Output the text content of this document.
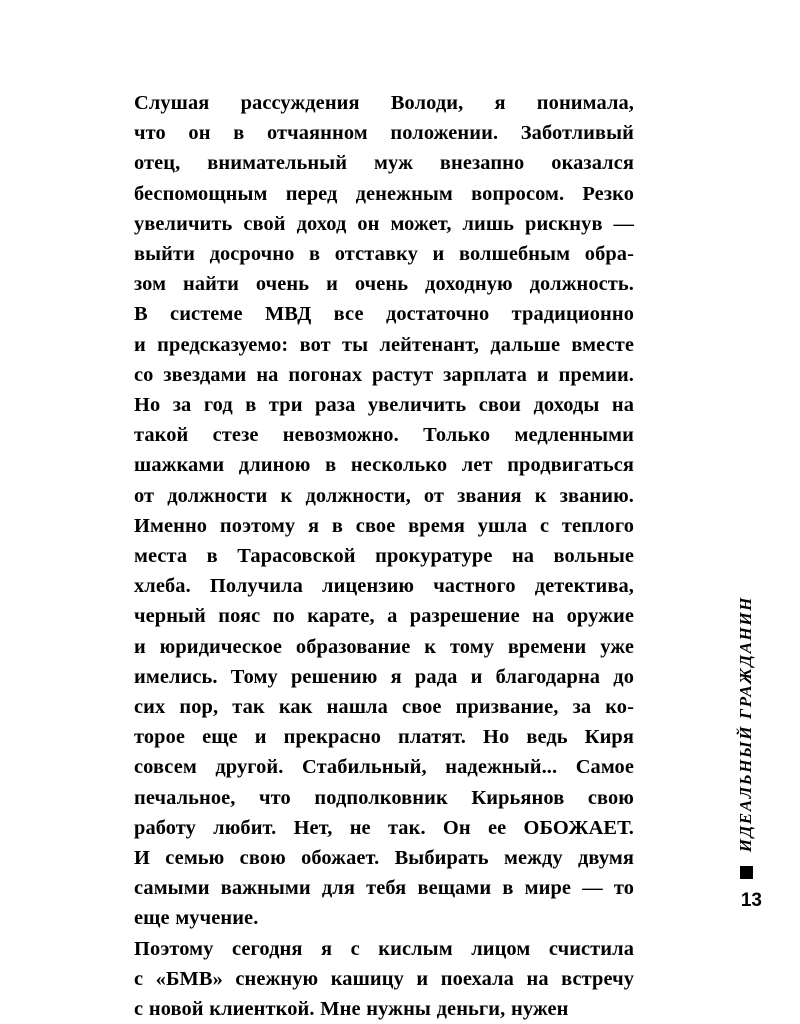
Слушая рассуждения Володи, я понимала,
что он в отчаянном положении. Заботливый
отец, внимательный муж внезапно оказался
беспомощным перед денежным вопросом. Резко
увеличить свой доход он может, лишь рискнув —
выйти досрочно в отставку и волшебным обра-
зом найти очень и очень доходную должность.
В системе МВД все достаточно традиционно
и предсказуемо: вот ты лейтенант, дальше вместе
со звездами на погонах растут зарплата и премии.
Но за год в три раза увеличить свои доходы на
такой стезе невозможно. Только медленными
шажками длиною в несколько лет продвигаться
от должности к должности, от звания к званию.
Именно поэтому я в свое время ушла с теплого
места в Тарасовской прокуратуре на вольные
хлеба. Получила лицензию частного детектива,
черный пояс по карате, а разрешение на оружие
и юридическое образование к тому времени уже
имелись. Тому решению я рада и благодарна до
сих пор, так как нашла свое призвание, за ко-
торое еще и прекрасно платят. Но ведь Киря
совсем другой. Стабильный, надежный... Самое
печальное, что подполковник Кирьянов свою
работу любит. Нет, не так. Он ее ОБОЖАЕТ.
И семью свою обожает. Выбирать между двумя
самыми важными для тебя вещами в мире — то
еще мучение.

Поэтому сегодня я с кислым лицом счистила
с «БМВ» снежную кашицу и поехала на встречу
с новой клиенткой. Мне нужны деньги, нужен

ИДЕАЛЬНЫЙ ГРАЖДАНИН
13
